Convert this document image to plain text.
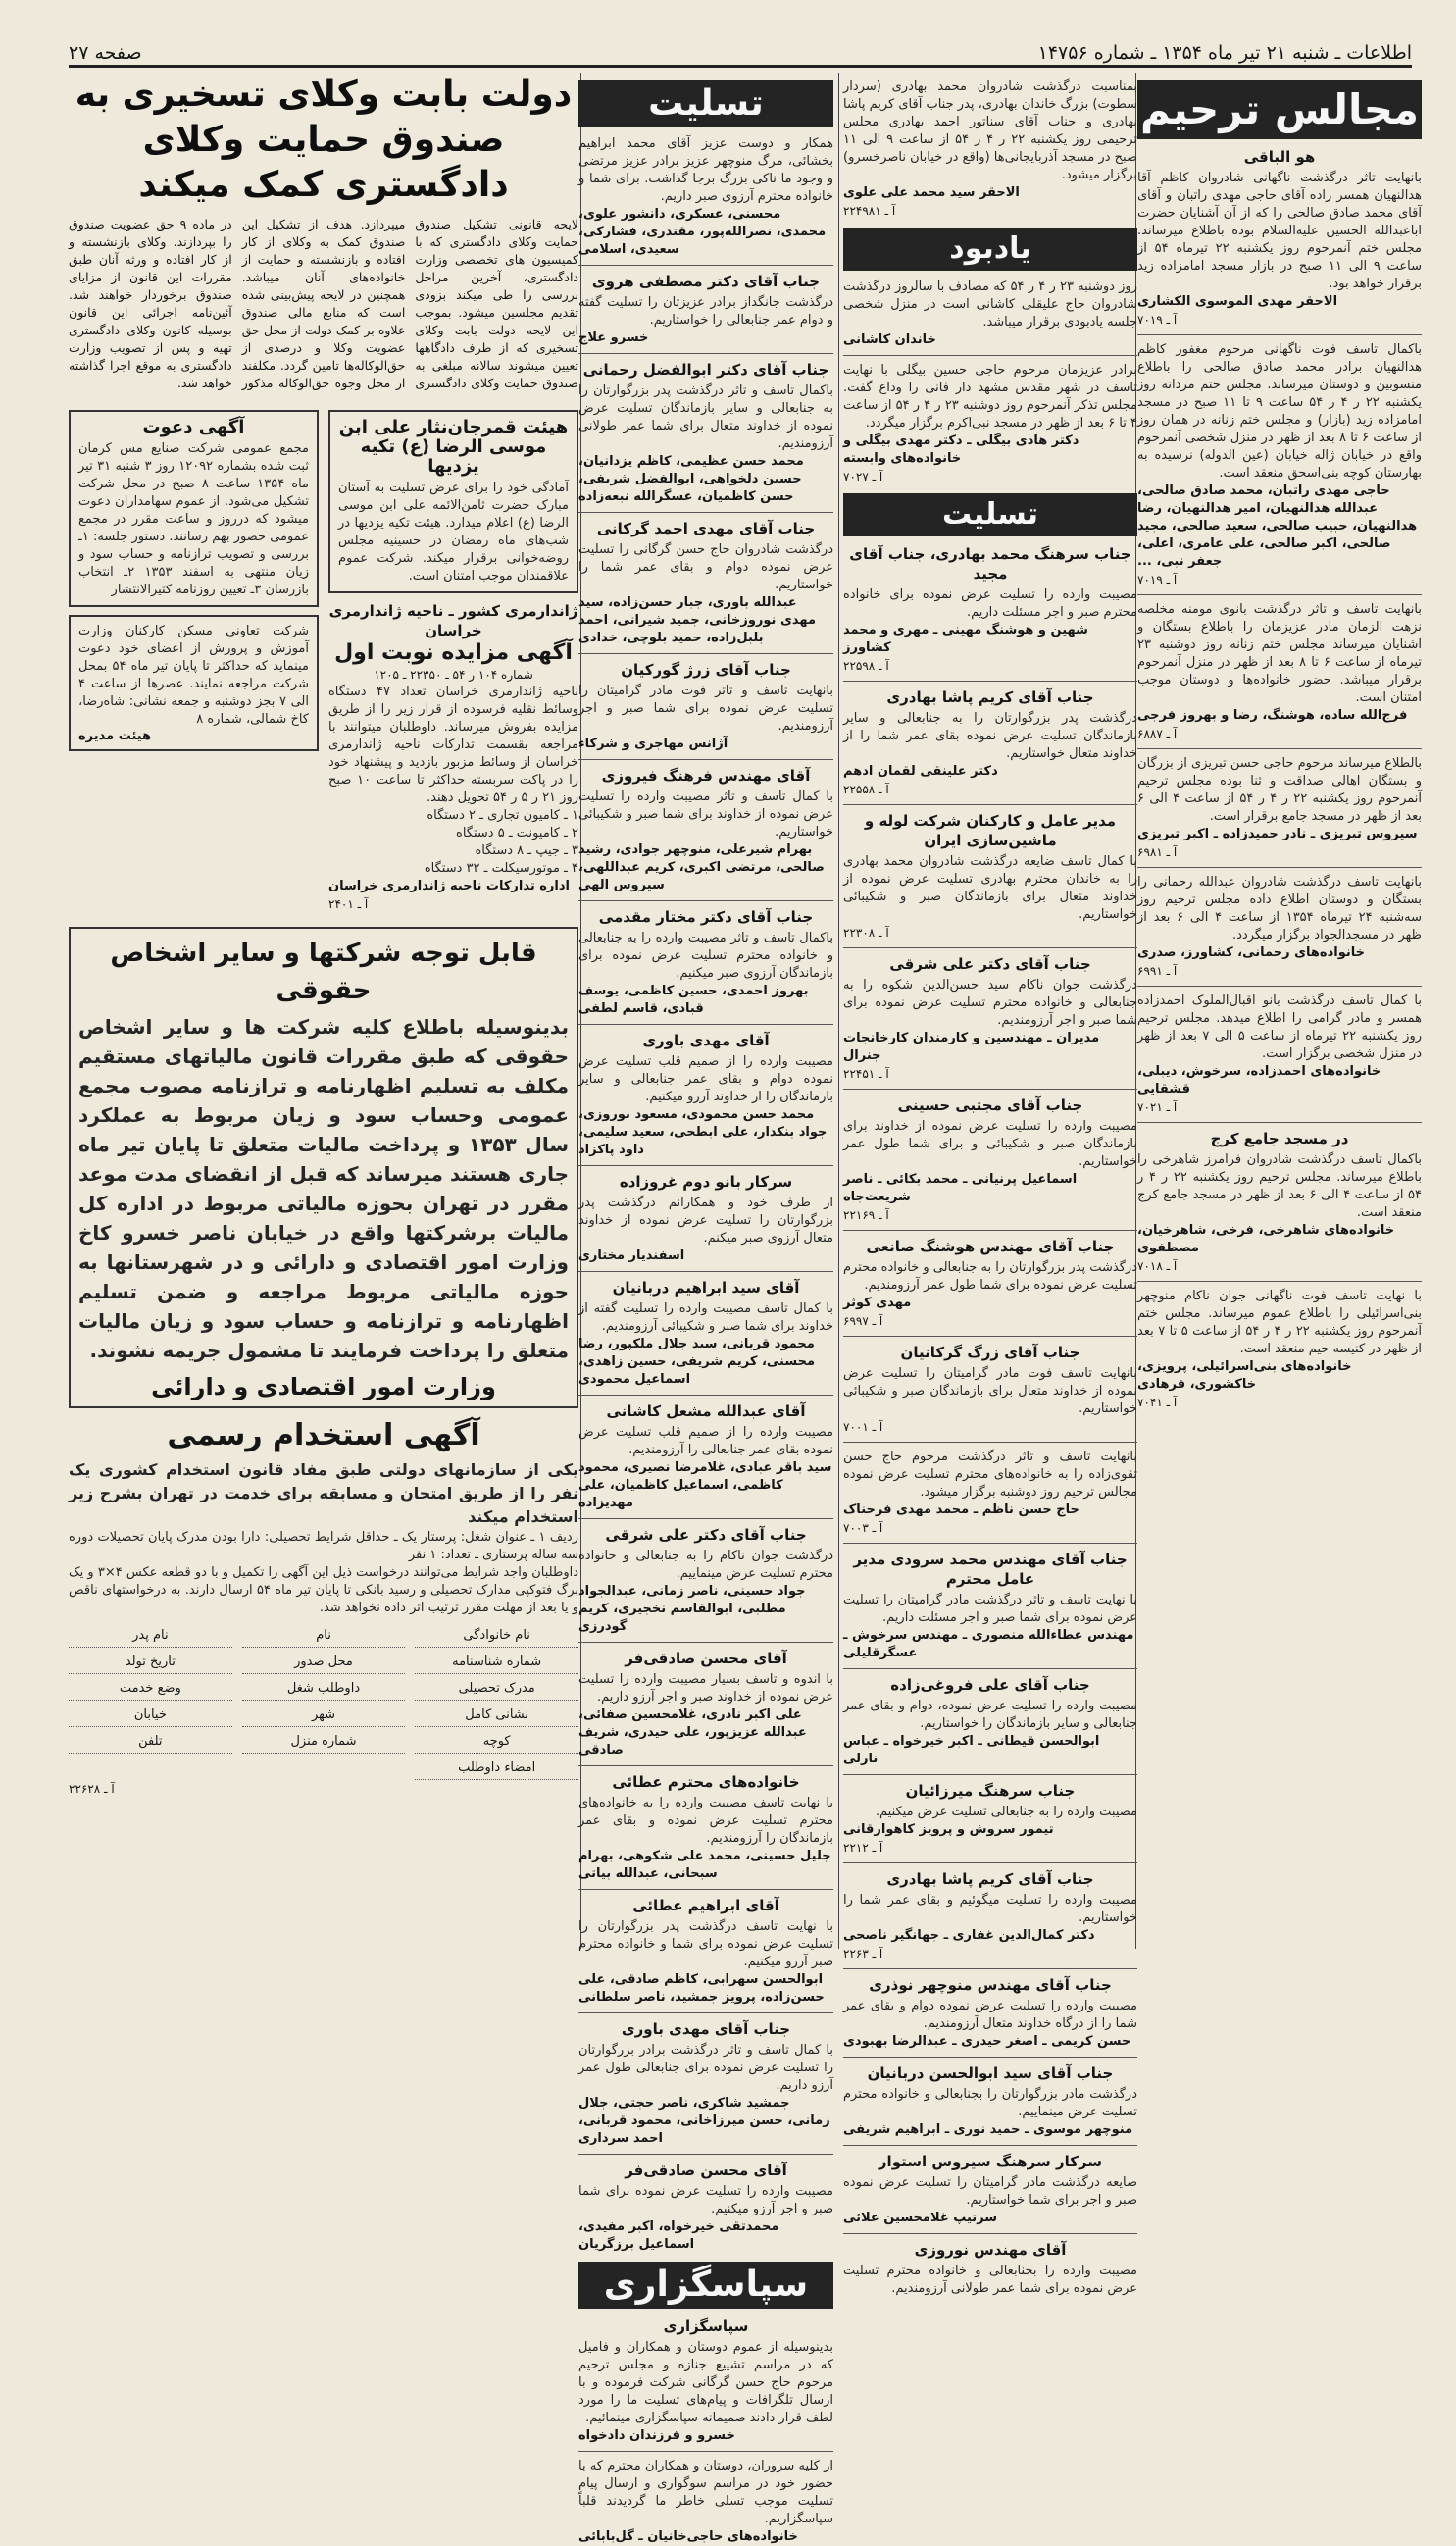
اطلاعات ـ شنبه ۲۱ تیر ماه ۱۳۵۴ ـ شماره ۱۴۷۵۶
صفحه ۲۷
مجالس ترحیم
هو الباقی
بانهایت تاثر درگذشت ناگهانی شادروان کاظم آقا هدالنهیان همسر زاده آقای حاجی مهدی راتبان و آقای آقای محمد صادق صالحی را که از آن آشنایان حضرت اباعبدالله الحسین علیه‌السلام بوده باطلاع میرساند. مجلس ختم آنمرحوم روز یکشنبه ۲۲ تیرماه ۵۴ از ساعت ۹ الی ۱۱ صبح در بازار مسجد امامزاده زید برقرار خواهد بود.
الاحقر مهدی الموسوی الکشاری
آ ـ ۷۰۱۹
باکمال تاسف فوت ناگهانی مرحوم مغفور کاظم هدالنهیان برادر محمد صادق صالحی را باطلاع منسوبین و دوستان میرساند. مجلس ختم مردانه روز یکشنبه ۲۲ ر ۴ ر ۵۴ ساعت ۹ تا ۱۱ صبح در مسجد امامزاده زید (بازار) و مجلس ختم زنانه در همان روز از ساعت ۶ تا ۸ بعد از ظهر در منزل شخصی آنمرحوم واقع در خیابان ژاله خیابان (عین الدوله) نرسیده به بهارستان کوچه بنی‌اسحق منعقد است.
حاجی مهدی راتبان، محمد صادق صالحی، عبدالله هدالنهیان، امیر هدالنهیان، رضا هدالنهیان، حبیب صالحی، سعید صالحی، مجید صالحی، اکبر صالحی، علی عامری، اعلی، جعفر نبی، ...
آ ـ ۷۰۱۹
بانهایت تاسف و تاثر درگذشت بانوی مومنه مخلصه نزهت الزمان مادر عزیزمان را باطلاع بستگان و آشنایان میرساند مجلس ختم زنانه روز دوشنبه ۲۳ تیرماه از ساعت ۶ تا ۸ بعد از ظهر در منزل آنمرحوم برقرار میباشد. حضور خانواده‌ها و دوستان موجب امتنان است.
فرج‌الله ساده، هوشنگ، رضا و بهروز فرجی
آ ـ ۶۸۸۷
بالطلاع میرساند مرحوم حاجی حسن تبریزی از بزرگان و بستگان اهالی صداقت و ثنا بوده مجلس ترحیم آنمرحوم روز یکشنبه ۲۲ ر ۴ ر ۵۴ از ساعت ۴ الی ۶ بعد از ظهر در مسجد جامع برقرار است.
سیروس تبریزی ـ نادر حمیدزاده ـ اکبر تبریزی
آ ـ ۶۹۸۱
بانهایت تاسف درگذشت شادروان عبدالله رحمانی را بستگان و دوستان اطلاع داده مجلس ترحیم روز سه‌شنبه ۲۴ تیرماه ۱۳۵۴ از ساعت ۴ الی ۶ بعد از ظهر در مسجدالجواد برگزار میگردد.
خانواده‌های رحمانی، کشاورز، صدری
آ ـ ۶۹۹۱
با کمال تاسف درگذشت بانو اقبال‌الملوک احمدزاده همسر و مادر گرامی را اطلاع میدهد. مجلس ترحیم روز یکشنبه ۲۲ تیرماه از ساعت ۵ الی ۷ بعد از ظهر در منزل شخصی برگزار است.
خانواده‌های احمدزاده، سرخوش، دیبلی، قشقایی
آ ـ ۷۰۲۱
در مسجد جامع کرج
باکمال تاسف درگذشت شادروان فرامرز شاهرخی را باطلاع میرساند. مجلس ترحیم روز یکشنبه ۲۲ ر ۴ ر ۵۴ از ساعت ۴ الی ۶ بعد از ظهر در مسجد جامع کرج منعقد است.
خانواده‌های شاهرخی، فرخی، شاهرخیان، مصطفوی
آ ـ ۷۰۱۸
با نهایت تاسف فوت ناگهانی جوان ناکام منوچهر بنی‌اسرائیلی را باطلاع عموم میرساند. مجلس ختم آنمرحوم روز یکشنبه ۲۲ ر ۴ ر ۵۴ از ساعت ۵ تا ۷ بعد از ظهر در کنیسه حیم منعقد است.
خانواده‌های بنی‌اسرائیلی، پرویزی، خاکشوری، فرهادی
آ ـ ۷۰۴۱
بمناسبت درگذشت شادروان محمد بهادری (سردار سطوت) بزرگ خاندان بهادری، پدر جناب آقای کریم پاشا بهادری و جناب آقای سناتور احمد بهادری مجلس ترحیمی روز یکشنبه ۲۲ ر ۴ ر ۵۴ از ساعت ۹ الی ۱۱ صبح در مسجد آذربایجانی‌ها (واقع در خیابان ناصرخسرو) برگزار میشود.
الاحقر سید محمد علی علوی
آ ـ ۲۲۴۹۸۱
یادبود
روز دوشنبه ۲۳ ر ۴ ر ۵۴ که مصادف با سالروز درگذشت شادروان حاج علیقلی کاشانی است در منزل شخصی جلسه یادبودی برقرار میباشد.
خاندان کاشانی
برادر عزیزمان مرحوم حاجی حسین بیگلی با نهایت تاسف در شهر مقدس مشهد دار فانی را وداع گفت. مجلس تذکر آنمرحوم روز دوشنبه ۲۳ ر ۴ ر ۵۴ از ساعت ۴ تا ۶ بعد از ظهر در مسجد نبی‌اکرم برگزار میگردد.
دکتر هادی بیگلی ـ دکتر مهدی بیگلی و خانواده‌های وابسته
آ ـ ۷۰۲۷
تسلیت
جناب سرهنگ محمد بهادری، جناب آقای مجید
مصیبت وارده را تسلیت عرض نموده برای خانواده محترم صبر و اجر مسئلت داریم.
شهین و هوشنگ مهینی ـ مهری و محمد کشاورز
آ ـ ۲۲۵۹۸
جناب آقای کریم پاشا بهادری
درگذشت پدر بزرگوارتان را به جنابعالی و سایر بازماندگان تسلیت عرض نموده بقای عمر شما را از خداوند متعال خواستاریم.
دکتر علینقی لقمان ادهم
آ ـ ۲۲۵۵۸
مدیر عامل و کارکنان شرکت لوله و ماشین‌سازی ایران
با کمال تاسف ضایعه درگذشت شادروان محمد بهادری را به خاندان محترم بهادری تسلیت عرض نموده از خداوند متعال برای بازماندگان صبر و شکیبائی خواستاریم.
آ ـ ۲۲۳۰۸
جناب آقای دکتر علی شرقی
درگذشت جوان ناکام سید حسن‌الدین شکوه را به جنابعالی و خانواده محترم تسلیت عرض نموده برای شما صبر و اجر آرزومندیم.
مدیران ـ مهندسین و کارمندان کارخانجات جنرال
آ ـ ۲۲۴۵۱
جناب آقای مجتبی حسینی
مصیبت وارده را تسلیت عرض نموده از خداوند برای بازماندگان صبر و شکیبائی و برای شما طول عمر خواستاریم.
اسماعیل پرنیانی ـ محمد بکائی ـ ناصر شریعت‌جاه
آ ـ ۲۲۱۶۹
جناب آقای مهندس هوشنگ صانعی
درگذشت پدر بزرگوارتان را به جنابعالی و خانواده محترم تسلیت عرض نموده برای شما طول عمر آرزومندیم.
مهدی کوثر
آ ـ ۶۹۹۷
جناب آقای زرگ گرکانیان
بانهایت تاسف فوت مادر گرامیتان را تسلیت عرض نموده از خداوند متعال برای بازماندگان صبر و شکیبائی خواستاریم.
آ ـ ۷۰۰۱
بانهایت تاسف و تاثر درگذشت مرحوم حاج حسن تقوی‌زاده را به خانواده‌های محترم تسلیت عرض نموده مجالس ترحیم روز دوشنبه برگزار میشود.
حاج حسن ناظم ـ محمد مهدی فرحناک
آ ـ ۷۰۰۳
جناب آقای مهندس محمد سرودی مدیر عامل محترم
با نهایت تاسف و تاثر درگذشت مادر گرامیتان را تسلیت عرض نموده برای شما صبر و اجر مسئلت داریم.
مهندس عطاءالله منصوری ـ مهندس سرخوش ـ عسگرقلیلی
جناب آقای علی فروغی‌زاده
مصیبت وارده را تسلیت عرض نموده، دوام و بقای عمر جنابعالی و سایر بازماندگان را خواستاریم.
ابوالحسن قیطانی ـ اکبر خیرخواه ـ عباس نازلی
جناب سرهنگ میرزائیان
مصیبت وارده را به جنابعالی تسلیت عرض میکنیم.
تیمور سروش و پرویز کاهوارقانی
آ ـ ۲۲۱۲
جناب آقای کریم پاشا بهادری
مصیبت وارده را تسلیت میگوئیم و بقای عمر شما را خواستاریم.
دکتر کمال‌الدین غفاری ـ جهانگیر ناصحی
آ ـ ۲۲۶۳
جناب آقای مهندس منوچهر نوذری
مصیبت وارده را تسلیت عرض نموده دوام و بقای عمر شما را از درگاه خداوند متعال آرزومندیم.
حسن کریمی ـ اصغر حیدری ـ عبدالرضا بهبودی
جناب آقای سید ابوالحسن دربانیان
درگذشت مادر بزرگوارتان را بجنابعالی و خانواده محترم تسلیت عرض مینماییم.
منوچهر موسوی ـ حمید نوری ـ ابراهیم شریفی
سرکار سرهنگ سیروس استوار
ضایعه درگذشت مادر گرامیتان را تسلیت عرض نموده صبر و اجر برای شما خواستاریم.
سرتیپ غلامحسین علائی
آقای مهندس نوروزی
مصیبت وارده را بجنابعالی و خانواده محترم تسلیت عرض نموده برای شما عمر طولانی آرزومندیم.
تسلیت
همکار و دوست عزیز آقای محمد ابراهیم بخشائی، مرگ منوچهر عزیز برادر عزیز مرتضی و وجود ما ناکی بزرگ برجا گذاشت. برای شما و خانواده محترم آرزوی صبر داریم.
محسنی، عسکری، دانشور علوی، محمدی، نصرالله‌پور، مقتدری، فشارکی، سعیدی، اسلامی
جناب آقای دکتر مصطفی هروی
درگذشت جانگداز برادر عزیزتان را تسلیت گفته و دوام عمر جنابعالی را خواستاریم.
خسرو علاج
جناب آقای دکتر ابوالفضل رحمانی
باکمال تاسف و تاثر درگذشت پدر بزرگوارتان را به جنابعالی و سایر بازماندگان تسلیت عرض نموده از خداوند متعال برای شما عمر طولانی آرزومندیم.
محمد حسن عظیمی، کاظم یزدانیان، حسین دلخواهی، ابوالفضل شریفی، حسن کاظمیان، عسگرالله نبعه‌زاده
جناب آقای مهدی احمد گرکانی
درگذشت شادروان حاج حسن گرگانی را تسلیت عرض نموده دوام و بقای عمر شما را خواستاریم.
عبدالله باوری، جبار حسن‌زاده، سید مهدی نوروزخانی، جمید شیرانی، احمد بلبل‌زاده، حمید بلوچی، خدادی
جناب آقای زرژ گورکیان
بانهایت تاسف و تاثر فوت مادر گرامیتان را تسلیت عرض نموده برای شما صبر و اجر آرزومندیم.
آژانس مهاجری و شرکاء
آقای مهندس فرهنگ فیروزی
با کمال تاسف و تاثر مصیبت وارده را تسلیت عرض نموده از خداوند برای شما صبر و شکیبائی خواستاریم.
بهرام شیرعلی، منوچهر جوادی، رشید صالحی، مرتضی اکبری، کریم عبداللهی، سیروس الهی
جناب آقای دکتر مختار مقدمی
باکمال تاسف و تاثر مصیبت وارده را به جنابعالی و خانواده محترم تسلیت عرض نموده برای بازماندگان آرزوی صبر میکنیم.
بهروز احمدی، حسین کاظمی، یوسف قبادی، قاسم لطفی
آقای مهدی باوری
مصیبت وارده را از صمیم قلب تسلیت عرض نموده دوام و بقای عمر جنابعالی و سایر بازماندگان را از خداوند آرزو میکنیم.
محمد حسن محمودی، مسعود نوروزی، جواد بنکدار، علی ابطحی، سعید سلیمی، داود پاکزاد
سرکار بانو دوم غروزاده
از طرف خود و همکارانم درگذشت پدر بزرگوارتان را تسلیت عرض نموده از خداوند متعال آرزوی صبر میکنم.
اسفندیار مختاری
آقای سید ابراهیم دربانیان
با کمال تاسف مصیبت وارده را تسلیت گفته از خداوند برای شما صبر و شکیبائی آرزومندیم.
محمود قربانی، سید جلال ملکپور، رضا محسنی، کریم شریفی، حسین زاهدی، اسماعیل محمودی
آقای عبدالله مشعل کاشانی
مصیبت وارده را از صمیم قلب تسلیت عرض نموده بقای عمر جنابعالی را آرزومندیم.
سید باقر عبادی، غلامرضا نصیری، محمود کاظمی، اسماعیل کاظمیان، علی مهدیزاده
جناب آقای دکتر علی شرقی
درگذشت جوان ناکام را به جنابعالی و خانواده محترم تسلیت عرض مینماییم.
جواد حسینی، ناصر زمانی، عبدالجواد مطلبی، ابوالقاسم نخجیری، کریم گودرزی
آقای محسن صادقی‌فر
با اندوه و تاسف بسیار مصیبت وارده را تسلیت عرض نموده از خداوند صبر و اجر آرزو داریم.
علی اکبر نادری، غلامحسین صفائی، عبدالله عزیزپور، علی حیدری، شریف صادقی
خانواده‌های محترم عطائی
با نهایت تاسف مصیبت وارده را به خانواده‌های محترم تسلیت عرض نموده و بقای عمر بازماندگان را آرزومندیم.
جلیل حسینی، محمد علی شکوهی، بهرام سبحانی، عبدالله بیاتی
آقای ابراهیم عطائی
با نهایت تاسف درگذشت پدر بزرگوارتان را تسلیت عرض نموده برای شما و خانواده محترم صبر آرزو میکنیم.
ابوالحسن سهرابی، کاظم صادقی، علی حسن‌زاده، پرویز جمشید، ناصر سلطانی
جناب آقای مهدی باوری
با کمال تاسف و تاثر درگذشت برادر بزرگوارتان را تسلیت عرض نموده برای جنابعالی طول عمر آرزو داریم.
جمشید شاکری، ناصر حجتی، جلال زمانی، حسن میرزاخانی، محمود قربانی، احمد سرداری
آقای محسن صادقی‌فر
مصیبت وارده را تسلیت عرض نموده برای شما صبر و اجر آرزو میکنیم.
محمدتقی خیرخواه، اکبر مفیدی، اسماعیل برزگریان
سپاسگزاری
سپاسگزاری
بدینوسیله از عموم دوستان و همکاران و فامیل که در مراسم تشییع جنازه و مجلس ترحیم مرحوم حاج حسن گرگانی شرکت فرموده و با ارسال تلگرافات و پیام‌های تسلیت ما را مورد لطف قرار دادند صمیمانه سپاسگزاری مینمائیم.
خسرو و فرزندان دادخواه
از کلیه سروران، دوستان و همکاران محترم که با حضور خود در مراسم سوگواری و ارسال پیام تسلیت موجب تسلی خاطر ما گردیدند قلباً سپاسگزاریم.
خانواده‌های حاجی‌خانیان ـ گل‌بابائی
دولت بابت وکلای تسخیری به صندوق حمایت وکلای
دادگستری کمک میکند
لایحه قانونی تشکیل صندوق حمایت وکلای دادگستری که با کمیسیون های تخصصی وزارت دادگستری، آخرین مراحل بررسی را طی میکند بزودی تقدیم مجلسین میشود. بموجب این لایحه دولت بابت وکلای تسخیری که از طرف دادگاهها تعیین میشوند سالانه مبلغی به صندوق حمایت وکلای دادگستری میپردازد. هدف از تشکیل این صندوق کمک به وکلای از کار افتاده و بازنشسته و حمایت از خانواده‌های آنان میباشد. همچنین در لایحه پیش‌بینی شده است که منابع مالی صندوق علاوه بر کمک دولت از محل حق عضویت وکلا و درصدی از حق‌الوکاله‌ها تامین گردد. مکلفند از محل وجوه حق‌الوکاله مذکور در ماده ۹ حق عضویت صندوق را بپردازند. وکلای بازنشسته و از کار افتاده و ورثه آنان طبق مقررات این قانون از مزایای صندوق برخوردار خواهند شد. آئین‌نامه اجرائی این قانون بوسیله کانون وکلای دادگستری تهیه و پس از تصویب وزارت دادگستری به موقع اجرا گذاشته خواهد شد.
هیئت قمرجان‌نثار علی ابن موسی الرضا (ع) تکیه یزدیها
آمادگی خود را برای عرض تسلیت به آستان مبارک حضرت ثامن‌الائمه علی ابن موسی الرضا (ع) اعلام میدارد. هیئت تکیه یزدیها در شب‌های ماه رمضان در حسینیه مجلس روضه‌خوانی برقرار میکند. شرکت عموم علاقمندان موجب امتنان است.
ژاندارمری کشور ـ ناحیه ژاندارمری خراسان
آگهی مزایده نوبت اول
شماره ۱۰۴ ر ۵۴ ـ ۲۲۳۵۰ ـ ۱۲۰۵
ناحیه ژاندارمری خراسان تعداد ۴۷ دستگاه وسائط نقلیه فرسوده از قرار زیر را از طریق مزایده بفروش میرساند. داوطلبان میتوانند با مراجعه بقسمت تدارکات ناحیه ژاندارمری خراسان از وسائط مزبور بازدید و پیشنهاد خود را در پاکت سربسته حداکثر تا ساعت ۱۰ صبح روز ۲۱ ر ۵ ر ۵۴ تحویل دهند.
۱ ـ کامیون تجاری ـ ۲ دستگاه
۲ ـ کامیونت ـ ۵ دستگاه
۳ ـ جیپ ـ ۸ دستگاه
۴ ـ موتورسیکلت ـ ۳۲ دستگاه
اداره تدارکات ناحیه ژاندارمری خراسان
آ ـ ۲۴۰۱
آگهی دعوت
مجمع عمومی شرکت صنایع مس کرمان ثبت شده بشماره ۱۲۰۹۲ روز ۳ شنبه ۳۱ تیر ماه ۱۳۵۴ ساعت ۸ صبح در محل شرکت تشکیل می‌شود. از عموم سهامداران دعوت میشود که درروز و ساعت مقرر در مجمع عمومی حضور بهم رسانند. دستور جلسه: ۱ـ بررسی و تصویب ترازنامه و حساب سود و زیان منتهی به اسفند ۱۳۵۳ ۲ـ انتخاب بازرسان ۳ـ تعیین روزنامه کثیرالانتشار
شرکت تعاونی مسکن کارکنان وزارت آموزش و پرورش از اعضای خود دعوت مینماید که حداکثر تا پایان تیر ماه ۵۴ بمحل شرکت مراجعه نمایند. عصرها از ساعت ۴ الی ۷ بجز دوشنبه و جمعه نشانی: شاه‌رضا، کاخ شمالی، شماره ۸
هیئت مدیره
قابل توجه شرکتها و سایر اشخاص حقوقی
بدینوسیله باطلاع کلیه شرکت ها و سایر اشخاص حقوقی که طبق مقررات قانون مالیاتهای مستقیم مکلف به تسلیم اظهارنامه و ترازنامه مصوب مجمع عمومی وحساب سود و زیان مربوط به عملکرد سال ۱۳۵۳ و پرداخت مالیات متعلق تا پایان تیر ماه جاری هستند میرساند که قبل از انقضای مدت موعد مقرر در تهران بحوزه مالیاتی مربوط در اداره کل مالیات برشرکتها واقع در خیابان ناصر خسرو کاخ وزارت امور اقتصادی و دارائی و در شهرستانها به حوزه مالیاتی مربوط مراجعه و ضمن تسلیم اظهارنامه و ترازنامه و حساب سود و زیان مالیات متعلق را پرداخت فرمایند تا مشمول جریمه نشوند.
وزارت امور اقتصادی و دارائی
آگهی استخدام رسمی
یکی از سازمانهای دولتی طبق مفاد قانون استخدام کشوری یک نفر را از طریق امتحان و مسابقه برای خدمت در تهران بشرح زیر استخدام میکند
ردیف ۱ ـ عنوان شغل: پرستار یک ـ حداقل شرایط تحصیلی: دارا بودن مدرک پایان تحصیلات دوره سه ساله پرستاری ـ تعداد: ۱ نفر
داوطلبان واجد شرایط می‌توانند درخواست ذیل این آگهی را تکمیل و با دو قطعه عکس ۴×۳ و یک برگ فتوکپی مدارک تحصیلی و رسید بانکی تا پایان تیر ماه ۵۴ ارسال دارند. به درخواستهای ناقص و یا بعد از مهلت مقرر ترتیب اثر داده نخواهد شد.
نام خانوادگی
نام
نام پدر
شماره شناسنامه
محل صدور
تاریخ تولد
مدرک تحصیلی
داوطلب شغل
وضع خدمت
نشانی کامل
شهر
خیابان
کوچه
شماره منزل
تلفن
امضاء داوطلب
آ ـ ۲۲۶۲۸
